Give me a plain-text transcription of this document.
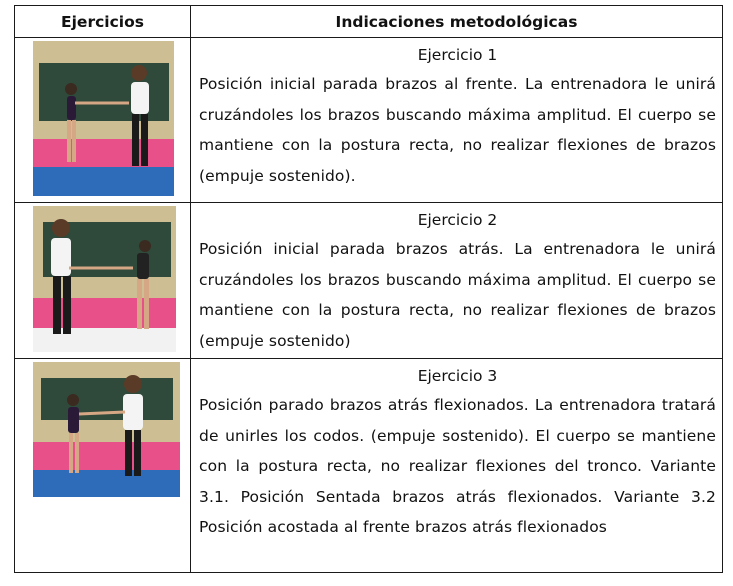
Ejercicios	Indicaciones metodológicas

Ejercicio 1
Posición inicial parada brazos al frente. La entrenadora le unirá cruzándoles los brazos buscando máxima amplitud. El cuerpo se mantiene con la postura recta, no realizar flexiones de brazos (empuje sostenido).

Ejercicio 2
Posición inicial parada brazos atrás. La entrenadora le unirá cruzándoles los brazos buscando máxima amplitud. El cuerpo se mantiene con la postura recta, no realizar flexiones de brazos (empuje sostenido)

Ejercicio 3
Posición parado brazos atrás flexionados. La entrenadora tratará de unirles los codos. (empuje sostenido). El cuerpo se mantiene con la postura recta, no realizar flexiones del tronco. Variante 3.1. Posición Sentada brazos atrás flexionados. Variante 3.2 Posición acostada al frente brazos atrás flexionados
